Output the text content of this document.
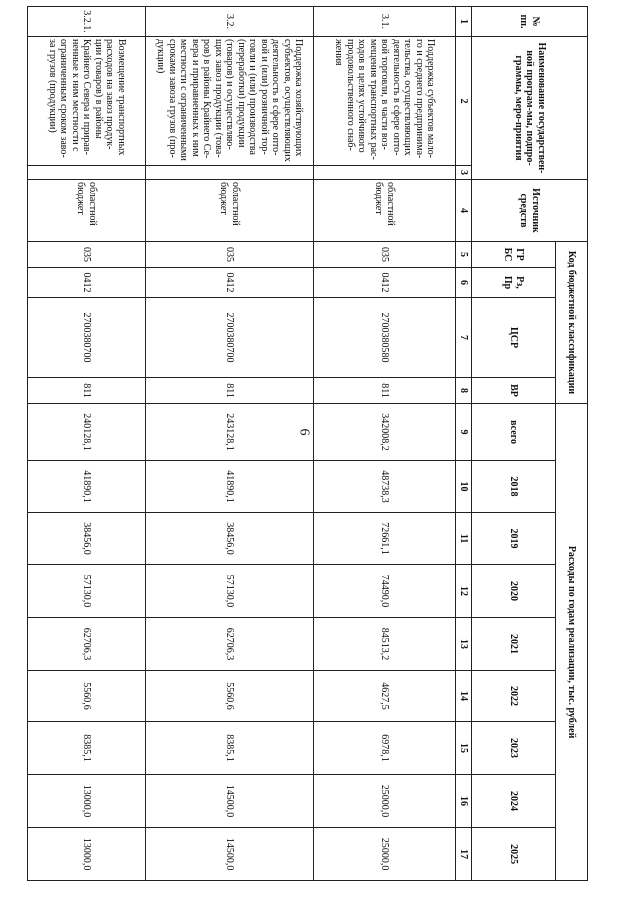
6
№ пп.	Наименование государствен-ной програм-мы, подпро-граммы, меро-приятия		Источник средств	Код бюджетной классификации				Расходы по годам реализации, тыс. рублей								
				ГР БС	Рз, Пр	ЦСР	ВР	всего	2018	2019	2020	2021	2022	2023	2024	2025

1	2	3	4	5	6	7	8	9	10	11	12	13	14	15	16	17
3.1.	Поддержка субъектов мало-го и среднего предпринима-тельства, осуществляющих деятельность в сфере опто-вой торговли, в части воз-мещения транспортных рас-ходов в целях устойчивого продовольственного снаб-жения		областной бюджет	035	0412	2700380580	811	342008,2	48738,3	72661,1	74490,0	84513,2	4627,5	6978,1	25000,0	25000,0
3.2.	Поддержка хозяйствующих субъектов, осуществляющих деятельность в сфере опто-вой и (или) розничной тор-говли и (или) производства (переработки) продукции (товаров) и осуществляю-щих завоз продукции (това-ров) в районы Крайнего Се-вера и приравненных к ним местности с ограниченными сроками завоза грузов (про-дукции)		областной бюджет	035	0412	2700380700	811	243128,1	41890,1	38456,0	57130,0	62706,3	5560,6	8385,1	14500,0	14500,0
3.2.1.	Возмещение транспортных расходов на завоз продук-ции (товаров) в районы Крайнего Севера и прирав-ненные к ним местности с ограниченным сроком заво-за грузов (продукции)		областной бюджет	035	0412	2700380700	811	240128,1	41890,1	38456,0	57130,0	62706,3	5560,6	8385,1	13000,0	13000,0
